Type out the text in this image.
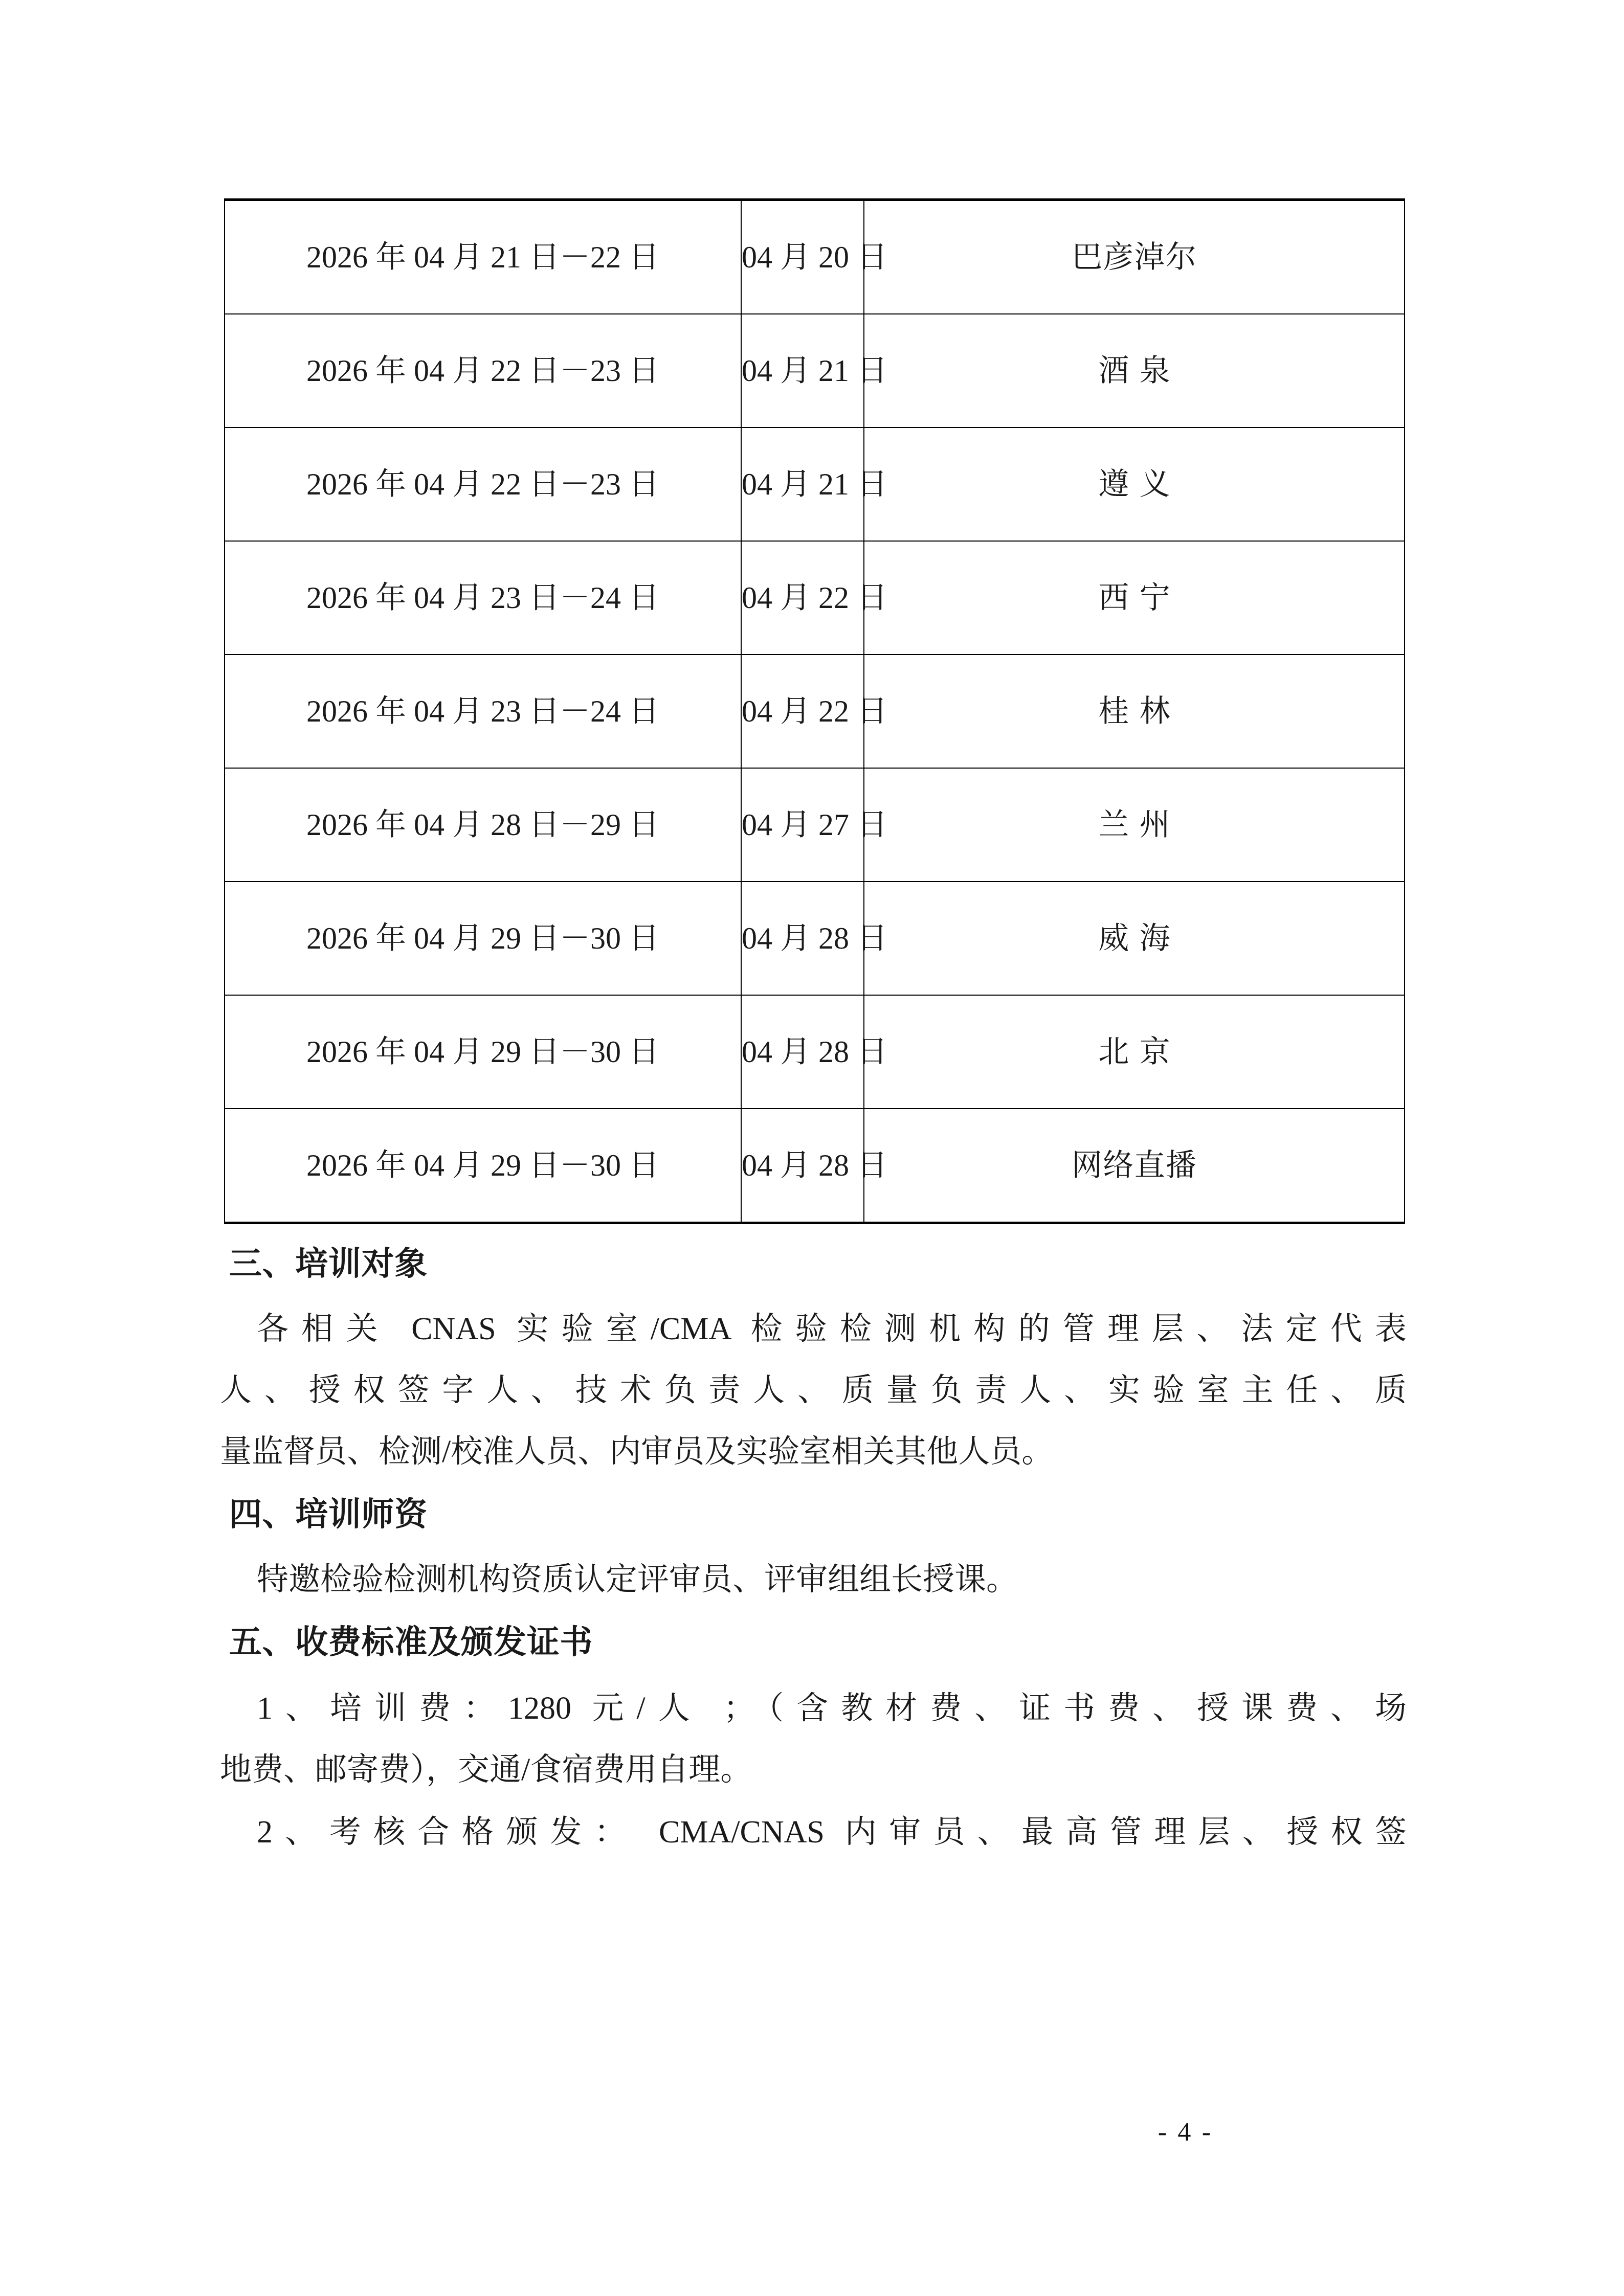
2026 年 04 月 21 日－22 日	04 月 20 日	巴彦淖尔
2026 年 04 月 22 日－23 日	04 月 21 日	酒泉
2026 年 04 月 22 日－23 日	04 月 21 日	遵义
2026 年 04 月 23 日－24 日	04 月 22 日	西宁
2026 年 04 月 23 日－24 日	04 月 22 日	桂林
2026 年 04 月 28 日－29 日	04 月 27 日	兰州
2026 年 04 月 29 日－30 日	04 月 28 日	威海
2026 年 04 月 29 日－30 日	04 月 28 日	北京
2026 年 04 月 29 日－30 日	04 月 28 日	网络直播
三、培训对象
各相关 CNAS 实验室/CMA 检验检测机构的管理层、法定代表
人、授权签字人、技术负责人、质量负责人、实验室主任、质
量监督员、检测/校准人员、内审员及实验室相关其他人员。
四、培训师资
特邀检验检测机构资质认定评审员、评审组组长授课。
五、收费标准及颁发证书
1、培训费：1280 元/人 ；（含教材费、证书费、授课费、场
地费、邮寄费），交通/食宿费用自理。
2、考核合格颁发： CMA/CNAS 内审员、最高管理层、授权签
- 4 -
